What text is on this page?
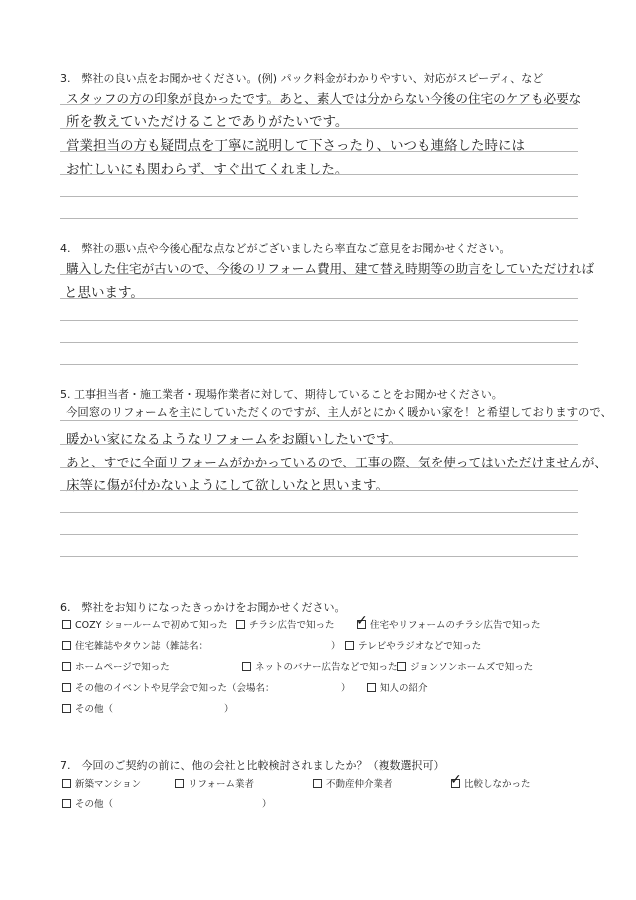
3.　弊社の良い点をお聞かせください。(例) パック料金がわかりやすい、対応がスピーディ、など
スタッフの方の印象が良かったです。あと、素人では分からない今後の住宅のケアも必要な
所を教えていただけることでありがたいです。
営業担当の方も疑問点を丁寧に説明して下さったり、いつも連絡した時には
お忙しいにも関わらず、すぐ出てくれました。
4.　弊社の悪い点や今後心配な点などがございましたら率直なご意見をお聞かせください。
購入した住宅が古いので、今後のリフォーム費用、建て替え時期等の助言をしていただければ
と思います。
5. 工事担当者・施工業者・現場作業者に対して、期待していることをお聞かせください。
今回窓のリフォームを主にしていただくのですが、主人がとにかく暖かい家を！と希望しておりますので、
暖かい家になるようなリフォームをお願いしたいです。
あと、すでに全面リフォームがかかっているので、工事の際、気を使ってはいただけませんが、
床等に傷が付かないようにして欲しいなと思います。
6.　弊社をお知りになったきっかけをお聞かせください。
COZY ショールームで初めて知った チラシ広告で知った ✓ 住宅やリフォームのチラシ広告で知った
住宅雑誌やタウン誌（雑誌名：	） テレビやラジオなどで知った
ホームページで知った	ネットのバナー広告などで知った ジョンソンホームズで知った
その他のイベントや見学会で知った（会場名：	）	知人の紹介
その他（	）
7.　今回のご契約の前に、他の会社と比較検討されましたか？（複数選択可）
新築マンション	リフォーム業者	不動産仲介業者	✓ 比較しなかった
その他（	）
